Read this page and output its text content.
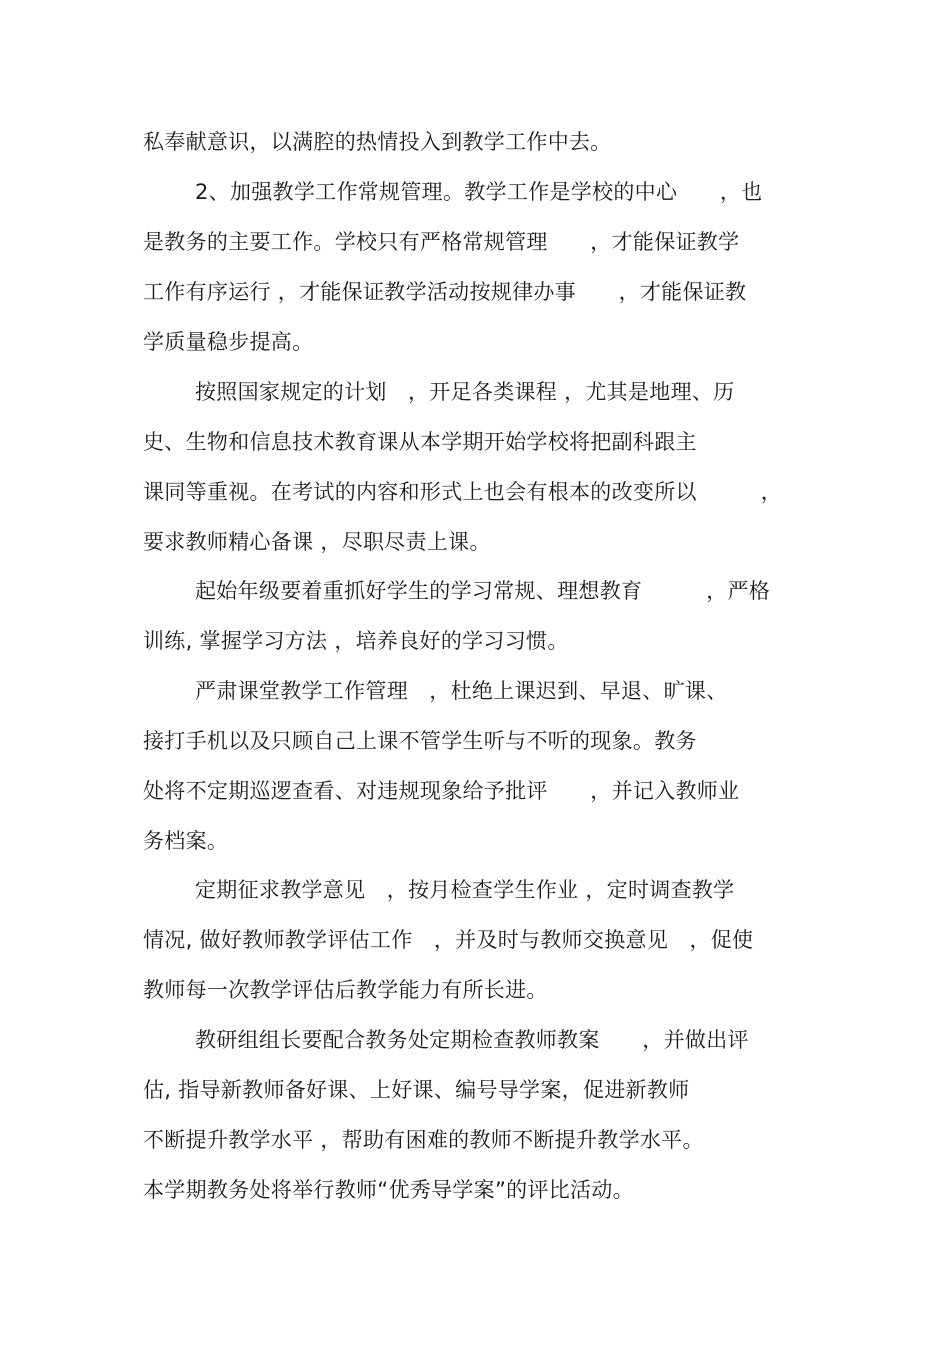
私奉献意识，以满腔的热情投入到教学工作中去。
2、加强教学工作常规管理。教学工作是学校的中心　　，也
是教务的主要工作。学校只有严格常规管理　　，才能保证教学
工作有序运行 ，才能保证教学活动按规律办事　　，才能保证教
学质量稳步提高。
按照国家规定的计划　，开足各类课程 ，尤其是地理、历
史、生物和信息技术教育课从本学期开始学校将把副科跟主
课同等重视。在考试的内容和形式上也会有根本的改变所以　　　，
要求教师精心备课 ，尽职尽责上课。
起始年级要着重抓好学生的学习常规、理想教育　　　，严格
训练, 掌握学习方法 ，培养良好的学习习惯。
严肃课堂教学工作管理　，杜绝上课迟到、早退、旷课、
接打手机以及只顾自己上课不管学生听与不听的现象。教务
处将不定期巡逻查看、对违规现象给予批评　　，并记入教师业
务档案。
定期征求教学意见　，按月检查学生作业 ，定时调查教学
情况, 做好教师教学评估工作　，并及时与教师交换意见　，促使
教师每一次教学评估后教学能力有所长进。
教研组组长要配合教务处定期检查教师教案　　，并做出评
估, 指导新教师备好课、上好课、编号导学案，促进新教师
不断提升教学水平 ，帮助有困难的教师不断提升教学水平。
本学期教务处将举行教师“优秀导学案”的评比活动。
